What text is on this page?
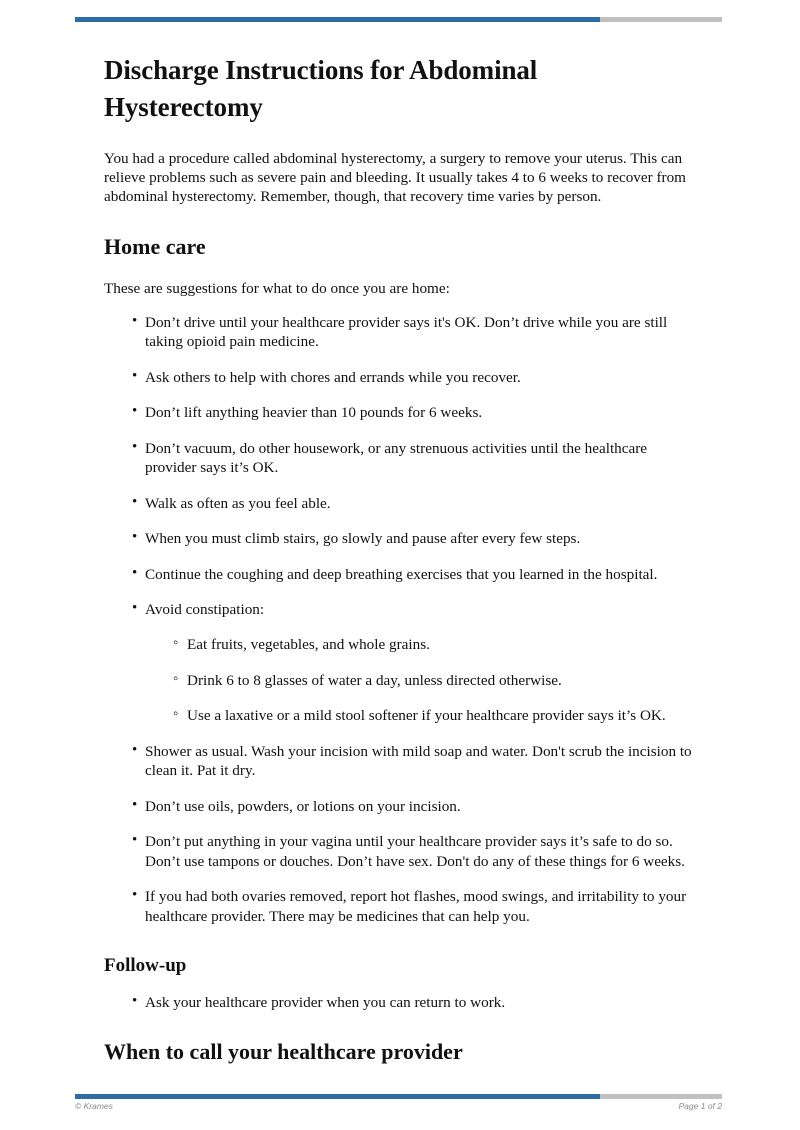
Discharge Instructions for Abdominal Hysterectomy

You had a procedure called abdominal hysterectomy, a surgery to remove your uterus. This can relieve problems such as severe pain and bleeding. It usually takes 4 to 6 weeks to recover from abdominal hysterectomy. Remember, though, that recovery time varies by person.

Home care

These are suggestions for what to do once you are home:

• Don’t drive until your healthcare provider says it's OK. Don’t drive while you are still taking opioid pain medicine.
• Ask others to help with chores and errands while you recover.
• Don’t lift anything heavier than 10 pounds for 6 weeks.
• Don’t vacuum, do other housework, or any strenuous activities until the healthcare provider says it’s OK.
• Walk as often as you feel able.
• When you must climb stairs, go slowly and pause after every few steps.
• Continue the coughing and deep breathing exercises that you learned in the hospital.
• Avoid constipation:
◦ Eat fruits, vegetables, and whole grains.
◦ Drink 6 to 8 glasses of water a day, unless directed otherwise.
◦ Use a laxative or a mild stool softener if your healthcare provider says it’s OK.
• Shower as usual. Wash your incision with mild soap and water. Don't scrub the incision to clean it. Pat it dry.
• Don’t use oils, powders, or lotions on your incision.
• Don’t put anything in your vagina until your healthcare provider says it’s safe to do so. Don’t use tampons or douches. Don’t have sex. Don't do any of these things for 6 weeks.
• If you had both ovaries removed, report hot flashes, mood swings, and irritability to your healthcare provider. There may be medicines that can help you.
Follow-up
• Ask your healthcare provider when you can return to work.
When to call your healthcare provider
© Krames	Page 1 of 2
